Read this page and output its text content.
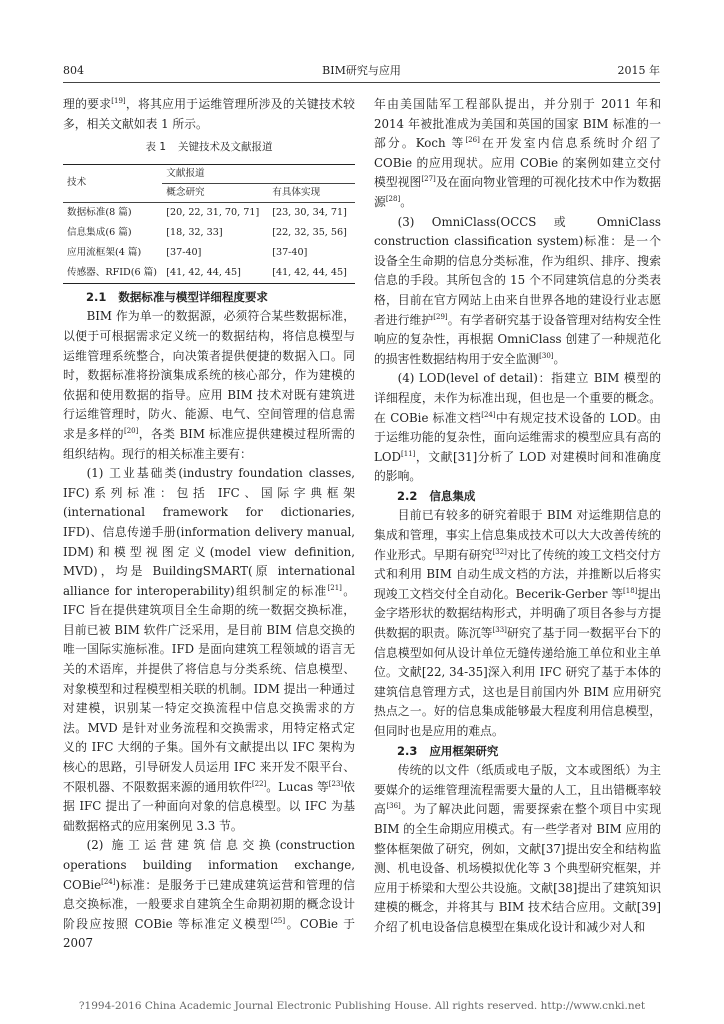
804	BIM研究与应用	2015 年

理的要求[19]，将其应用于运维管理所涉及的关键技术较多，相关文献如表 1 所示。

表 1 关键技术及文献报道
技术	文献报道	
	概念研究	有具体实现
数据标准(8 篇)	[20, 22, 31, 70, 71]	[23, 30, 34, 71]
信息集成(6 篇)	[18, 32, 33]	[22, 32, 35, 56]
应用流框架(4 篇)	[37-40]	[37-40]
传感器、RFID(6 篇)	[41, 42, 44, 45]	[41, 42, 44, 45]

2.1 数据标准与模型详细程度要求

BIM 作为单一的数据源，必须符合某些数据标准，以便于可根据需求定义统一的数据结构，将信息模型与运维管理系统整合，向决策者提供便捷的数据入口。同时，数据标准将扮演集成系统的核心部分，作为建模的依据和使用数据的指导。应用 BIM 技术对既有建筑进行运维管理时，防火、能源、电气、空间管理的信息需求是多样的[20]，各类 BIM 标准应提供建模过程所需的组织结构。现行的相关标准主要有：

(1) 工业基础类(industry foundation classes, IFC)系列标准：包括 IFC、国际字典框架(international framework for dictionaries, IFD)、信息传递手册(information delivery manual, IDM)和模型视图定义(model view definition, MVD)，均是 BuildingSMART(原 international alliance for interoperability)组织制定的标准[21]。IFC 旨在提供建筑项目全生命期的统一数据交换标准，目前已被 BIM 软件广泛采用，是目前 BIM 信息交换的唯一国际实施标准。IFD 是面向建筑工程领域的语言无关的术语库，并提供了将信息与分类系统、信息模型、对象模型和过程模型相关联的机制。IDM 提出一种通过对建模，识别某一特定交换流程中信息交换需求的方法。MVD 是针对业务流程和交换需求，用特定格式定义的 IFC 大纲的子集。国外有文献提出以 IFC 架构为核心的思路，引导研发人员运用 IFC 来开发不限平台、不限机器、不限数据来源的通用软件[22]。Lucas 等[23]依据 IFC 提出了一种面向对象的信息模型。以 IFC 为基础数据格式的应用案例见 3.3 节。

(2) 施工运营建筑信息交换(construction operations building information exchange, COBie[24])标准：是服务于已建成建筑运营和管理的信息交换标准，一般要求自建筑全生命期初期的概念设计阶段应按照 COBie 等标准定义模型[25]。COBie 于 2007

年由美国陆军工程部队提出，并分别于 2011 年和 2014 年被批准成为美国和英国的国家 BIM 标准的一部分。Koch 等[26]在开发室内信息系统时介绍了 COBie 的应用现状。应用 COBie 的案例如建立交付模型视图[27]及在面向物业管理的可视化技术中作为数据源[28]。

(3) OmniClass(OCCS 或 OmniClass construction classification system)标准：是一个设备全生命期的信息分类标准，作为组织、排序、搜索信息的手段。其所包含的 15 个不同建筑信息的分类表格，目前在官方网站上由来自世界各地的建设行业志愿者进行维护[29]。有学者研究基于设备管理对结构安全性响应的复杂性，再根据 OmniClass 创建了一种规范化的损害性数据结构用于安全监测[30]。

(4) LOD(level of detail)：指建立 BIM 模型的详细程度，未作为标准出现，但也是一个重要的概念。在 COBie 标准文档[24]中有规定技术设备的 LOD。由于运维功能的复杂性，面向运维需求的模型应具有高的 LOD[11]，文献[31]分析了 LOD 对建模时间和准确度的影响。

2.2 信息集成

目前已有较多的研究着眼于 BIM 对运维期信息的集成和管理，事实上信息集成技术可以大大改善传统的作业形式。早期有研究[32]对比了传统的竣工文档交付方式和利用 BIM 自动生成文档的方法，并推断以后将实现竣工文档交付全自动化。Becerik-Gerber 等[18]提出金字塔形状的数据结构形式，并明确了项目各参与方提供数据的职责。陈沉等[33]研究了基于同一数据平台下的信息模型如何从设计单位无缝传递给施工单位和业主单位。文献[22, 34-35]深入利用 IFC 研究了基于本体的建筑信息管理方式，这也是目前国内外 BIM 应用研究热点之一。好的信息集成能够最大程度利用信息模型，但同时也是应用的难点。

2.3 应用框架研究

传统的以文件（纸质或电子版，文本或图纸）为主要媒介的运维管理流程需要大量的人工，且出错概率较高[36]。为了解决此问题，需要探索在整个项目中实现 BIM 的全生命期应用模式。有一些学者对 BIM 应用的整体框架做了研究，例如，文献[37]提出安全和结构监测、机电设备、机场模拟优化等 3 个典型研究框架，并应用于桥梁和大型公共设施。文献[38]提出了建筑知识建模的概念，并将其与 BIM 技术结合应用。文献[39]介绍了机电设备信息模型在集成化设计和减少对人和

?1994-2016 China Academic Journal Electronic Publishing House. All rights reserved. http://www.cnki.net
